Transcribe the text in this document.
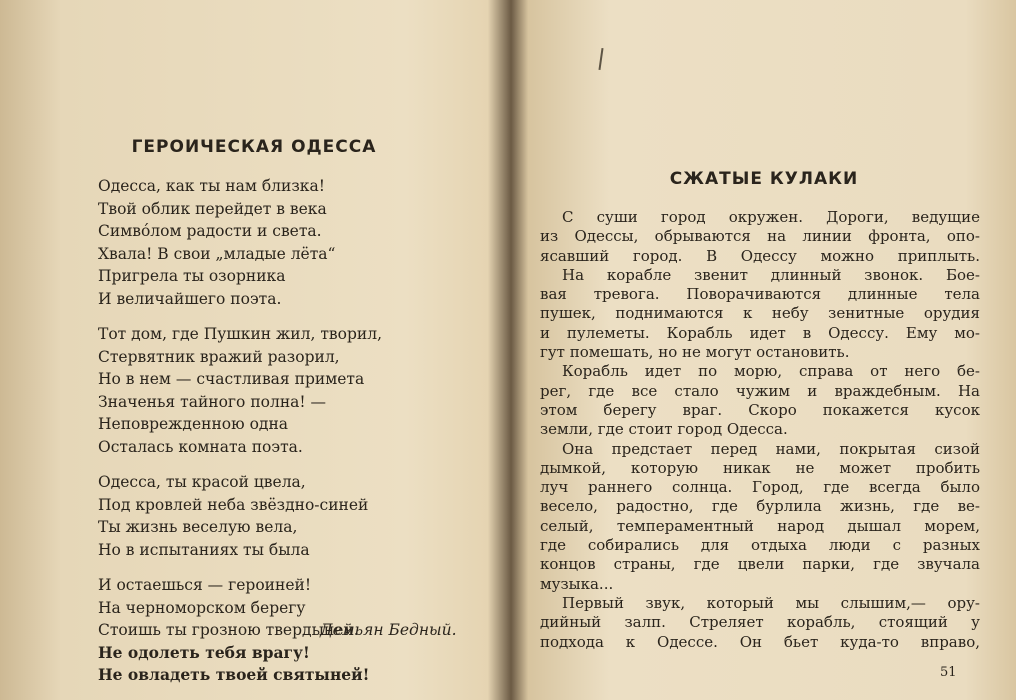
ГЕРОИЧЕСКАЯ ОДЕССА
Одесса, как ты нам близка!
Твой облик перейдет в века
Симво́лом радости и света.
Хвала! В свои „младые лёта“
Пригрела ты озорника
И величайшего поэта.
Тот дом, где Пушкин жил, творил,
Стервятник вражий разорил,
Но в нем — счастливая примета
Значенья тайного полна! —
Неповрежденною одна
Осталась комната поэта.
Одесса, ты красой цвела,
Под кровлей неба звёздно-синей
Ты жизнь веселую вела,
Но в испытаниях ты была
И остаешься — героиней!
На черноморском берегу
Стоишь ты грозною твердыней.
Не одолеть тебя врагу!
Не овладеть твоей святыней!
Демьян Бедный.
СЖАТЫЕ КУЛАКИ
С суши город окружен. Дороги, ведущие
из Одессы, обрываются на линии фронта, опо-
ясавший город. В Одессу можно приплыть.
На корабле звенит длинный звонок. Бое-
вая тревога. Поворачиваются длинные тела
пушек, поднимаются к небу зенитные орудия
и пулеметы. Корабль идет в Одессу. Ему мо-
гут помешать, но не могут остановить.
Корабль идет по морю, справа от него бе-
рег, где все стало чужим и враждебным. На
этом берегу враг. Скоро покажется кусок
земли, где стоит город Одесса.
Она предстает перед нами, покрытая сизой
дымкой, которую никак не может пробить
луч раннего солнца. Город, где всегда было
весело, радостно, где бурлила жизнь, где ве-
селый, темпераментный народ дышал морем,
где собирались для отдыха люди с разных
концов страны, где цвели парки, где звучала
музыка...
Первый звук, который мы слышим,— ору-
дийный залп. Стреляет корабль, стоящий у
подхода к Одессе. Он бьет куда-то вправо,
51
